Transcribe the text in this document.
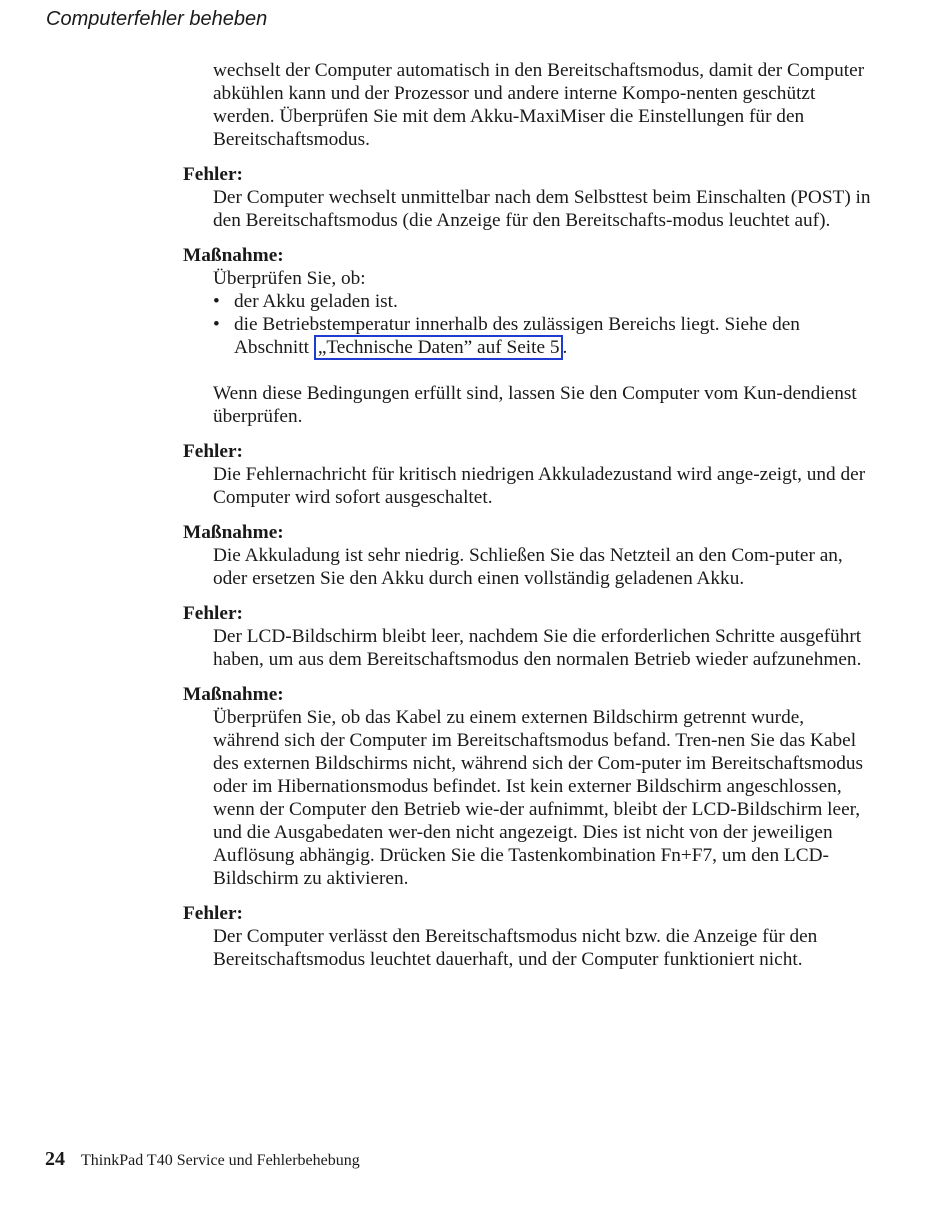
Computerfehler beheben

wechselt der Computer automatisch in den Bereitschaftsmodus, damit der Computer abkühlen kann und der Prozessor und andere interne Kompo-nenten geschützt werden. Überprüfen Sie mit dem Akku-MaxiMiser die Einstellungen für den Bereitschaftsmodus.

Fehler:

Der Computer wechselt unmittelbar nach dem Selbsttest beim Einschalten (POST) in den Bereitschaftsmodus (die Anzeige für den Bereitschafts-modus leuchtet auf).

Maßnahme:

Überprüfen Sie, ob:

• der Akku geladen ist.
• die Betriebstemperatur innerhalb des zulässigen Bereichs liegt. Siehe den Abschnitt „Technische Daten” auf Seite 5 .

Wenn diese Bedingungen erfüllt sind, lassen Sie den Computer vom Kun-dendienst überprüfen.

Fehler:

Die Fehlernachricht für kritisch niedrigen Akkuladezustand wird ange-zeigt, und der Computer wird sofort ausgeschaltet.

Maßnahme:

Die Akkuladung ist sehr niedrig. Schließen Sie das Netzteil an den Com-puter an, oder ersetzen Sie den Akku durch einen vollständig geladenen Akku.

Fehler:

Der LCD-Bildschirm bleibt leer, nachdem Sie die erforderlichen Schritte ausgeführt haben, um aus dem Bereitschaftsmodus den normalen Betrieb wieder aufzunehmen.

Maßnahme:

Überprüfen Sie, ob das Kabel zu einem externen Bildschirm getrennt wurde, während sich der Computer im Bereitschaftsmodus befand. Tren-nen Sie das Kabel des externen Bildschirms nicht, während sich der Com-puter im Bereitschaftsmodus oder im Hibernationsmodus befindet. Ist kein externer Bildschirm angeschlossen, wenn der Computer den Betrieb wie-der aufnimmt, bleibt der LCD-Bildschirm leer, und die Ausgabedaten wer-den nicht angezeigt. Dies ist nicht von der jeweiligen Auflösung abhängig. Drücken Sie die Tastenkombination Fn+F7, um den LCD-Bildschirm zu aktivieren.

Fehler:

Der Computer verlässt den Bereitschaftsmodus nicht bzw. die Anzeige für den Bereitschaftsmodus leuchtet dauerhaft, und der Computer funktioniert nicht.

24 ThinkPad T40 Service und Fehlerbehebung
